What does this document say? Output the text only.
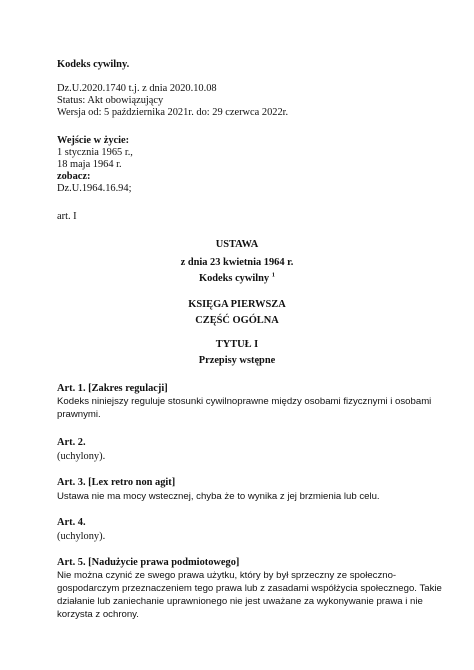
Kodeks cywilny.
Dz.U.2020.1740 t.j. z dnia 2020.10.08
Status: Akt obowiązujący
Wersja od: 5 października 2021r. do: 29 czerwca 2022r.
Wejście w życie:
1 stycznia 1965 r.,
18 maja 1964 r.
zobacz:
Dz.U.1964.16.94;
art. I
USTAWA
z dnia 23 kwietnia 1964 r.
Kodeks cywilny $^1$
KSIĘGA PIERWSZA
CZĘŚĆ OGÓLNA
TYTUŁ I
Przepisy wstępne
Art. 1. [Zakres regulacji]
Kodeks niniejszy reguluje stosunki cywilnoprawne między osobami fizycznymi i osobami
prawnymi.
Art. 2.
(uchylony).
Art. 3. [Lex retro non agit]
Ustawa nie ma mocy wstecznej, chyba że to wynika z jej brzmienia lub celu.
Art. 4.
(uchylony).
Art. 5. [Nadużycie prawa podmiotowego]
Nie można czynić ze swego prawa użytku, który by był sprzeczny ze społeczno-
gospodarczym przeznaczeniem tego prawa lub z zasadami współżycia społecznego. Takie
działanie lub zaniechanie uprawnionego nie jest uważane za wykonywanie prawa i nie
korzysta z ochrony.
